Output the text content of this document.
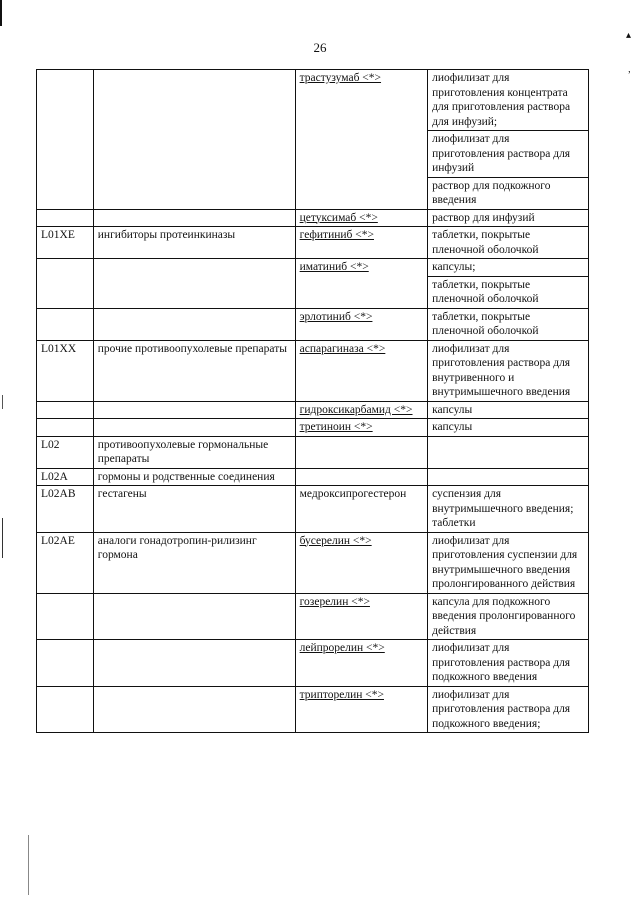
▴
ʼ
26
		трастузумаб <*>		лиофилизат для приготовления концентрата для приготовления раствора для инфузий;
лиофилизат для приготовления раствора для инфузий
раствор для подкожного введения

		цетуксимаб <*>		раствор для инфузий

L01XE	ингибиторы протеинкиназы	гефитиниб <*>		таблетки, покрытые пленочной оболочкой

		иматиниб <*>		капсулы;
таблетки, покрытые пленочной оболочкой

		эрлотиниб <*>		таблетки, покрытые пленочной оболочкой

L01XX	прочие противоопухолевые препараты	аспарагиназа <*>		лиофилизат для приготовления раствора для внутривенного и внутримышечного введения

		гидроксикарбамид <*>	капсулы

		третиноин <*>		капсулы

L02	противоопухолевые гормональные препараты		

L02A	гормоны и родственные соединения		

L02AB	гестагены	медроксипрогестерон	суспензия для внутримышечного введения; таблетки

L02AE	аналоги гонадотропин-рилизинг гормона	бусерелин <*>		лиофилизат для приготовления суспензии для внутримышечного введения пролонгированного действия

		гозерелин <*>		капсула для подкожного введения пролонгированного действия

		лейпрорелин <*>		лиофилизат для приготовления раствора для подкожного введения

		трипторелин <*>		лиофилизат для приготовления раствора для подкожного введения;
